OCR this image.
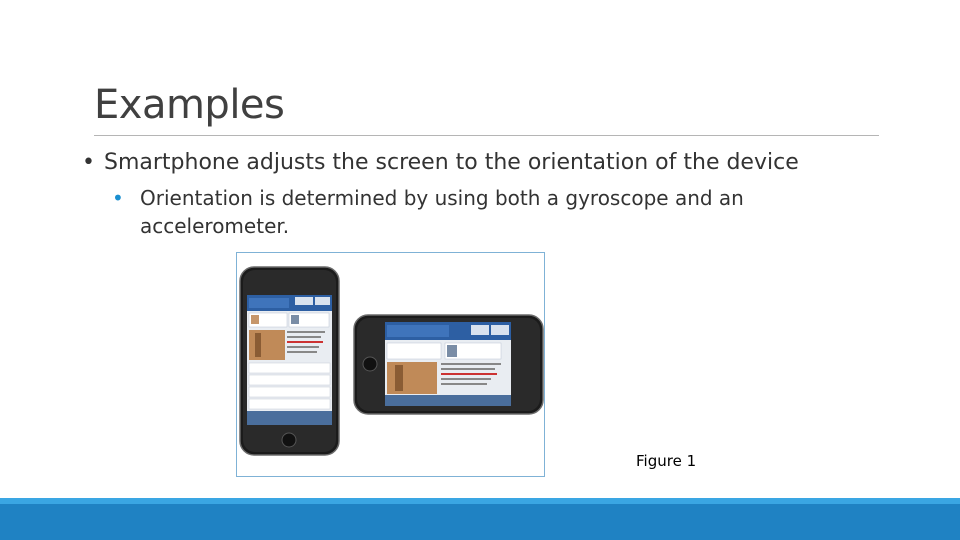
Examples
• Smartphone adjusts the screen to the orientation of the device
• Orientation is determined by using both a gyroscope and an accelerometer.
Figure 1
